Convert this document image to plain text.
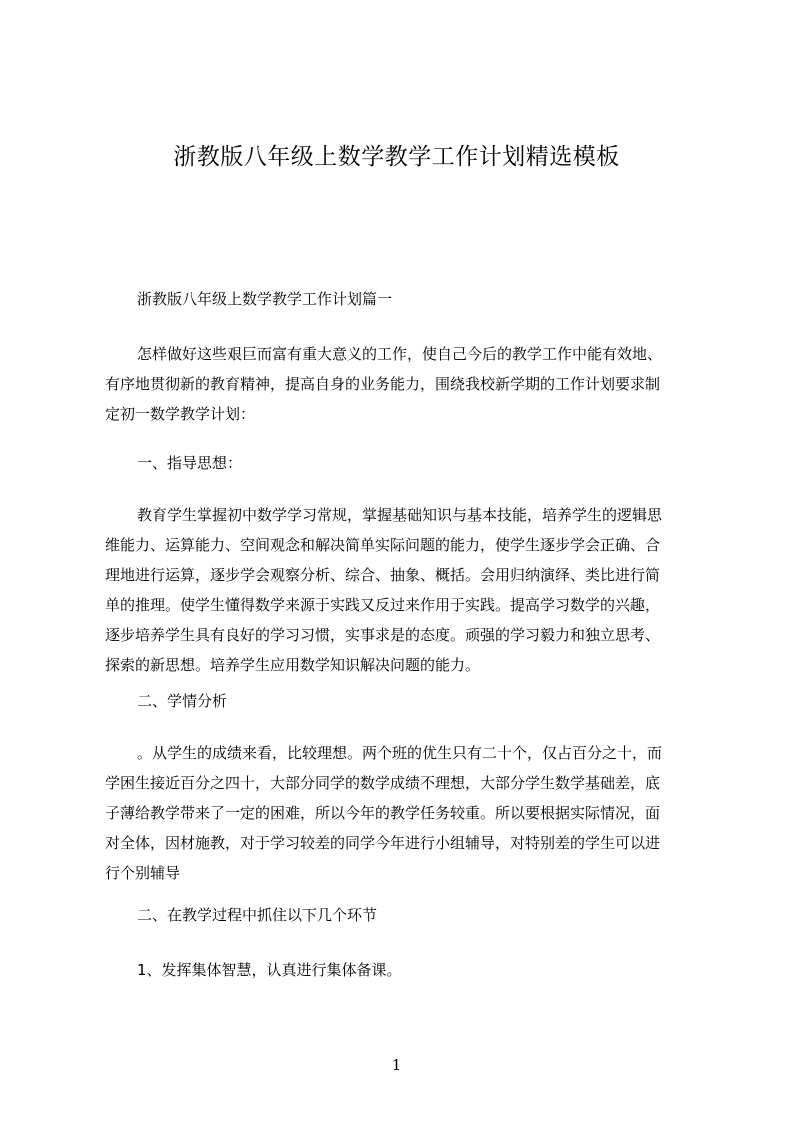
浙教版八年级上数学教学工作计划精选模板
浙教版八年级上数学教学工作计划篇一
怎样做好这些艰巨而富有重大意义的工作，使自己今后的教学工作中能有效地、
有序地贯彻新的教育精神，提高自身的业务能力，围绕我校新学期的工作计划要求制
定初一数学教学计划：
一、指导思想：
教育学生掌握初中数学学习常规，掌握基础知识与基本技能，培养学生的逻辑思
维能力、运算能力、空间观念和解决简单实际问题的能力，使学生逐步学会正确、合
理地进行运算，逐步学会观察分析、综合、抽象、概括。会用归纳演绎、类比进行简
单的推理。使学生懂得数学来源于实践又反过来作用于实践。提高学习数学的兴趣，
逐步培养学生具有良好的学习习惯，实事求是的态度。顽强的学习毅力和独立思考、
探索的新思想。培养学生应用数学知识解决问题的能力。
二、学情分析
。从学生的成绩来看，比较理想。两个班的优生只有二十个，仅占百分之十，而
学困生接近百分之四十，大部分同学的数学成绩不理想，大部分学生数学基础差，底
子薄给教学带来了一定的困难，所以今年的教学任务较重。所以要根据实际情况，面
对全体，因材施教，对于学习较差的同学今年进行小组辅导，对特别差的学生可以进
行个别辅导
二、在教学过程中抓住以下几个环节
1、发挥集体智慧，认真进行集体备课。
1
